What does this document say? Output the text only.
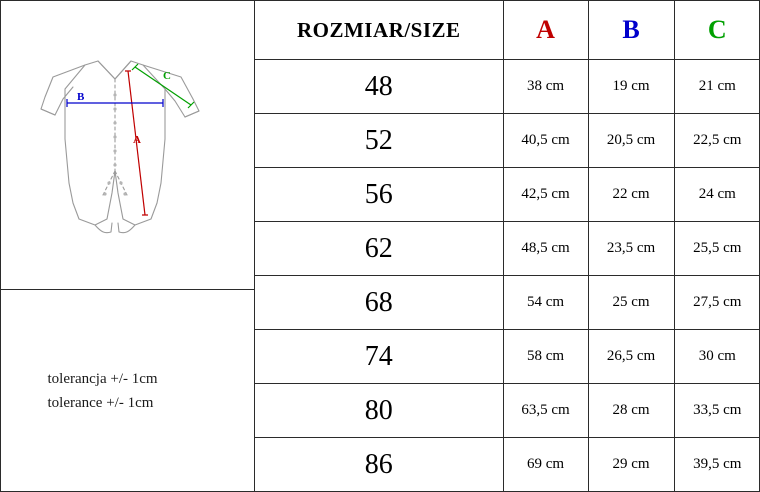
A
B
C
tolerancja +/- 1cm
tolerance +/- 1cm
ROZMIAR/SIZE	A	B	C
48	38 cm	19 cm	21 cm
52	40,5 cm	20,5 cm	22,5 cm
56	42,5 cm	22 cm	24 cm
62	48,5 cm	23,5 cm	25,5 cm
68	54 cm	25 cm	27,5 cm
74	58 cm	26,5 cm	30 cm
80	63,5 cm	28 cm	33,5 cm
86	69 cm	29 cm	39,5 cm
